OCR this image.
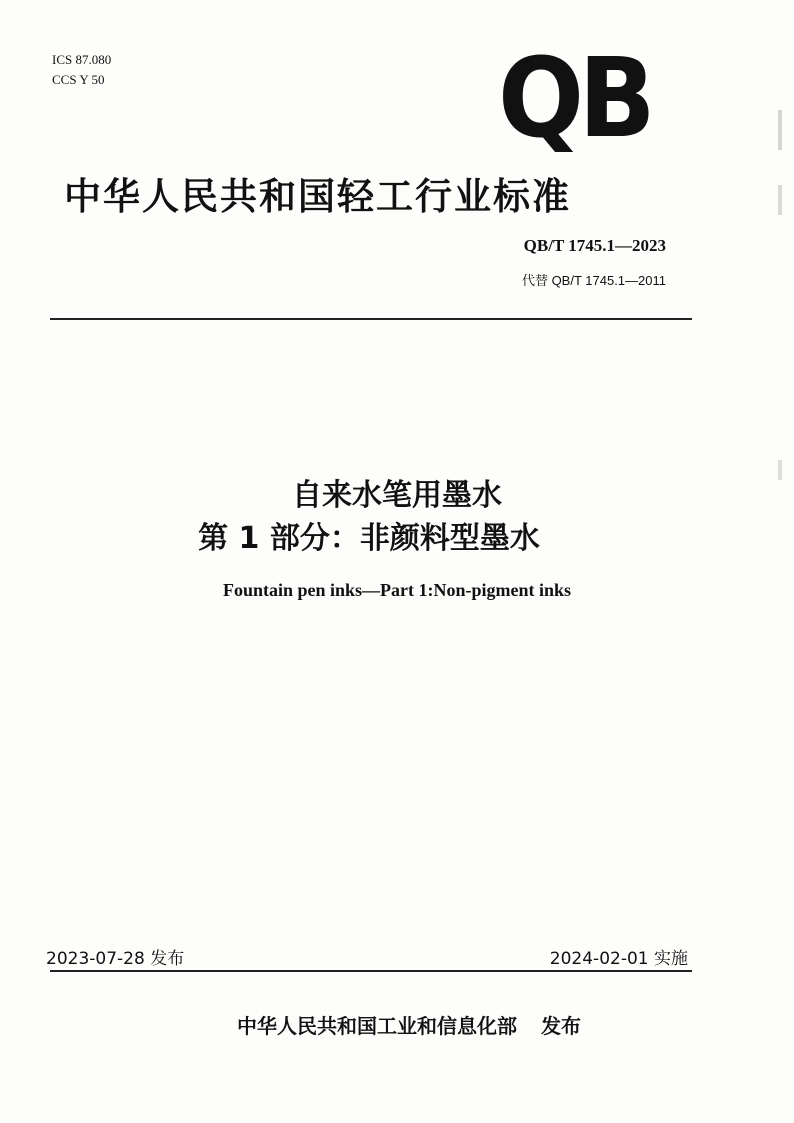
ICS 87.080
CCS Y 50	QB
中华人民共和国轻工行业标准
QB/T 1745.1—2023
代替 QB/T 1745.1—2011
自来水笔用墨水
第 1 部分：非颜料型墨水
Fountain pen inks—Part 1:Non-pigment inks
2023-07-28 发布	2024-02-01 实施
中华人民共和国工业和信息化部 发布
